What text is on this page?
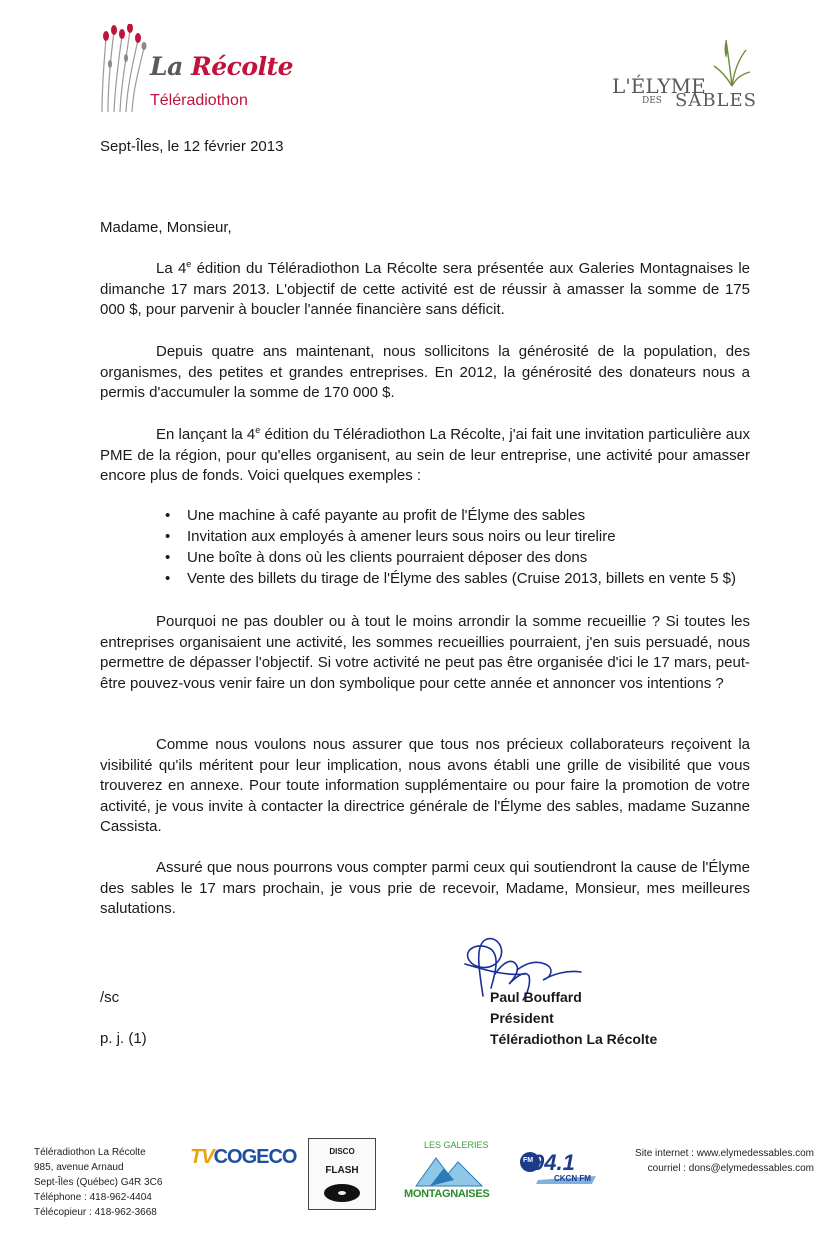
La Récolte
Téléradiothon
L'ÉLYME
DES SABLES
Sept-Îles, le 12 février 2013
Madame, Monsieur,
La 4e édition du Téléradiothon La Récolte sera présentée aux Galeries Montagnaises le dimanche 17 mars 2013. L'objectif de cette activité est de réussir à amasser la somme de 175 000 $, pour parvenir à boucler l'année financière sans déficit.
Depuis quatre ans maintenant, nous sollicitons la générosité de la population, des organismes, des petites et grandes entreprises. En 2012, la générosité des donateurs nous a permis d'accumuler la somme de 170 000 $.
En lançant la 4e édition du Téléradiothon La Récolte, j'ai fait une invitation particulière aux PME de la région, pour qu'elles organisent, au sein de leur entreprise, une activité pour amasser encore plus de fonds. Voici quelques exemples :
• Une machine à café payante au profit de l'Élyme des sables
• Invitation aux employés à amener leurs sous noirs ou leur tirelire
• Une boîte à dons où les clients pourraient déposer des dons
• Vente des billets du tirage de l'Élyme des sables (Cruise 2013, billets en vente 5 $)
Pourquoi ne pas doubler ou à tout le moins arrondir la somme recueillie ? Si toutes les entreprises organisaient une activité, les sommes recueillies pourraient, j'en suis persuadé, nous permettre de dépasser l'objectif. Si votre activité ne peut pas être organisée d'ici le 17 mars, peut-être pouvez-vous venir faire un don symbolique pour cette année et annoncer vos intentions ?
Comme nous voulons nous assurer que tous nos précieux collaborateurs reçoivent la visibilité qu'ils méritent pour leur implication, nous avons établi une grille de visibilité que vous trouverez en annexe. Pour toute information supplémentaire ou pour faire la promotion de votre activité, je vous invite à contacter la directrice générale de l'Élyme des sables, madame Suzanne Cassista.
Assuré que nous pourrons vous compter parmi ceux qui soutiendront la cause de l'Élyme des sables le 17 mars prochain, je vous prie de recevoir, Madame, Monsieur, mes meilleures salutations.
/sc
p. j. (1)
Paul Bouffard
Président
Téléradiothon La Récolte
Téléradiothon La Récolte
985, avenue Arnaud
Sept-Îles (Québec) G4R 3C6
Téléphone : 418-962-4404
Télécopieur : 418-962-3668
TVCOGECO	DISCO
FLASH
LES GALERIES
MONTAGNAISES
FM
94.1
CKCN FM
Site internet : www.elymedessables.com
courriel : dons@elymedessables.com
